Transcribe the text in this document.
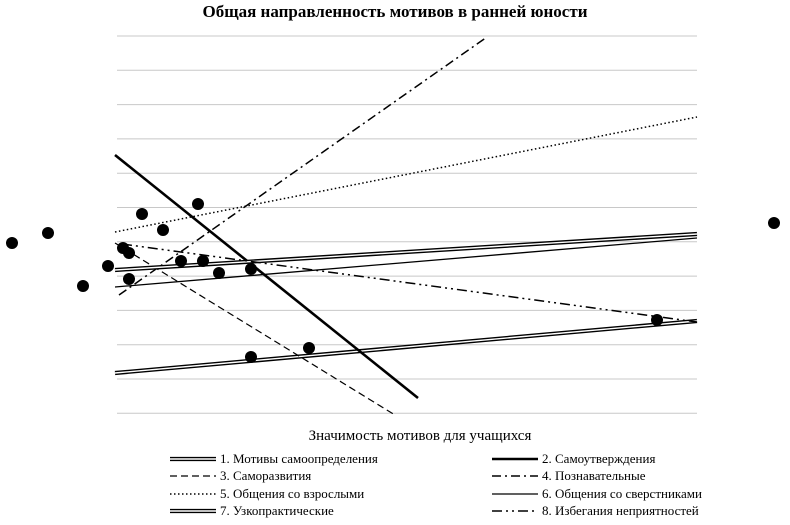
Общая направленность мотивов в ранней юности
Значимость мотивов для учащихся
1. Мотивы самоопределения	2. Самоутверждения
3. Саморазвития	4. Познавательные
5. Общения со взрослыми	6. Общения со сверстниками
7. Узкопрактические	8. Избегания неприятностей
